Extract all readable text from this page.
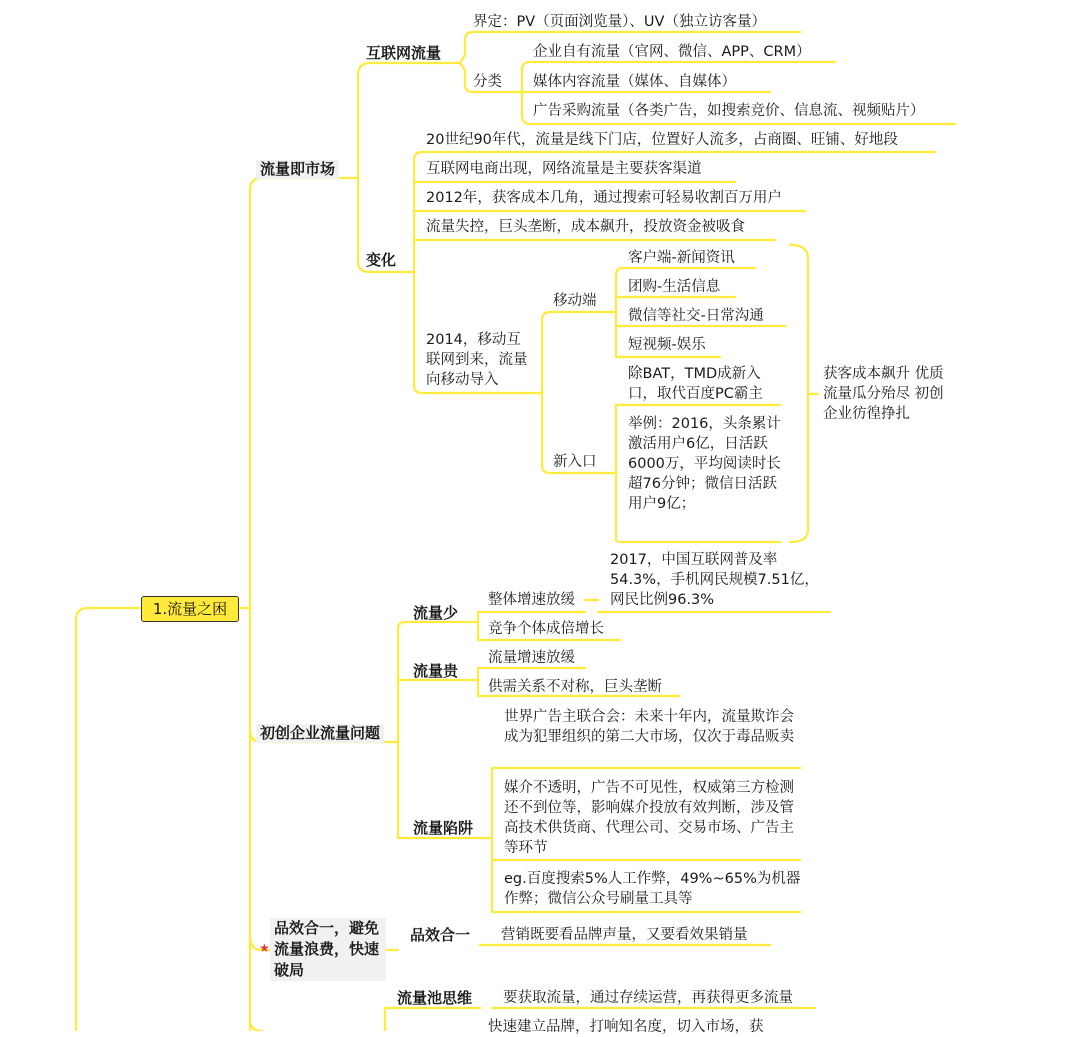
1.流量之困
流量即市场
互联网流量
界定：PV（页面浏览量）、UV（独立访客量）
分类
企业自有流量（官网、微信、APP、CRM）
媒体内容流量（媒体、自媒体）
广告采购流量（各类广告，如搜索竞价、信息流、视频贴片）
变化
20世纪90年代，流量是线下门店，位置好人流多，占商圈、旺铺、好地段
互联网电商出现，网络流量是主要获客渠道
2012年，获客成本几角，通过搜索可轻易收割百万用户
流量失控，巨头垄断，成本飙升，投放资金被吸食
2014，移动互联网到来，流量向移动导入
移动端
客户端-新闻资讯
团购-生活信息
微信等社交-日常沟通
短视频-娱乐
新入口
除BAT，TMD成新入口，取代百度PC霸主
举例：2016，头条累计激活用户6亿，日活跃6000万，平均阅读时长超76分钟；微信日活跃用户9亿；
获客成本飙升 优质流量瓜分殆尽 初创企业彷徨挣扎
初创企业流量问题
流量少
整体增速放缓
竞争个体成倍增长
2017，中国互联网普及率54.3%，手机网民规模7.51亿，网民比例96.3%
流量贵
流量增速放缓
供需关系不对称，巨头垄断
流量陷阱
世界广告主联合会：未来十年内，流量欺诈会成为犯罪组织的第二大市场，仅次于毒品贩卖
媒介不透明，广告不可见性，权威第三方检测还不到位等，影响媒介投放有效判断，涉及管高技术供货商、代理公司、交易市场、广告主等环节
eg.百度搜索5%人工作弊，49%~65%为机器作弊；微信公众号刷量工具等
★
品效合一，避免流量浪费，快速破局
品效合一 营销既要看品牌声量，又要看效果销量
流量池思维 要获取流量，通过存续运营，再获得更多流量
快速建立品牌，打响知名度，切入市场，获
